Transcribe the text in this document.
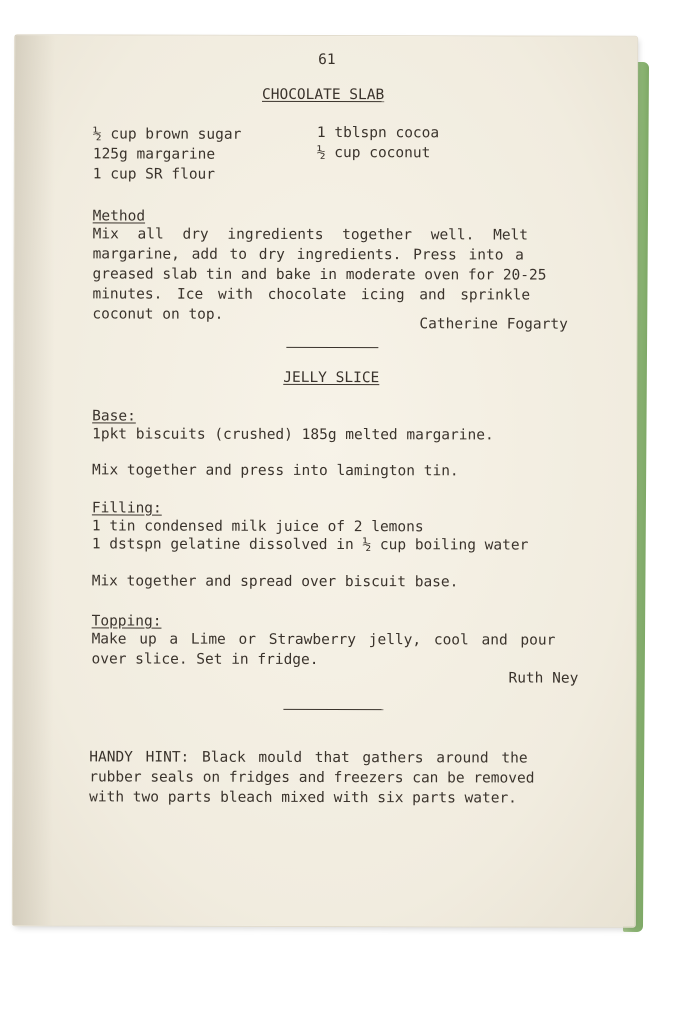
61
CHOCOLATE SLAB
½ cup brown sugar
125g margarine
1 cup SR flour
1 tblspn cocoa
½ cup coconut
Method
Mix all dry ingredients together well. Melt
margarine, add to dry ingredients. Press into a
greased slab tin and bake in moderate oven for 20-25
minutes. Ice with chocolate icing and sprinkle
coconut on top.
Catherine Fogarty
JELLY SLICE
Base:
1pkt biscuits (crushed) 185g melted margarine.
Mix together and press into lamington tin.
Filling:
1 tin condensed milk juice of 2 lemons
1 dstspn gelatine dissolved in ½ cup boiling water
Mix together and spread over biscuit base.
Topping:
Make up a Lime or Strawberry jelly, cool and pour
over slice. Set in fridge.
Ruth Ney
HANDY HINT: Black mould that gathers around the
rubber seals on fridges and freezers can be removed
with two parts bleach mixed with six parts water.
